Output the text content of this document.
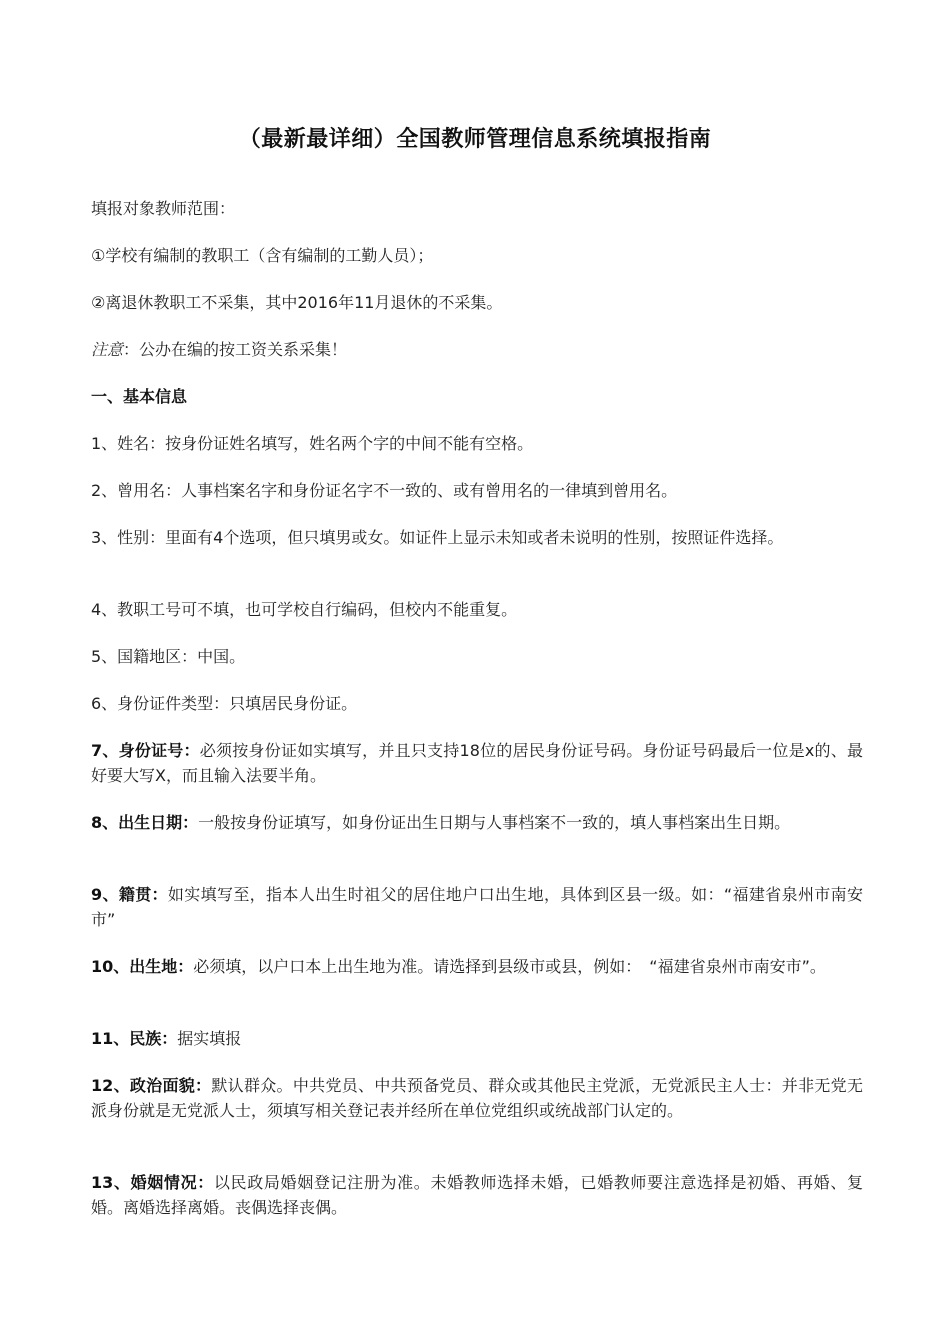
（最新最详细）全国教师管理信息系统填报指南

填报对象教师范围：

①学校有编制的教职工（含有编制的工勤人员）；

②离退休教职工不采集，其中2016年11月退休的不采集。

注意：公办在编的按工资关系采集！

一、基本信息

1、姓名：按身份证姓名填写，姓名两个字的中间不能有空格。

2、曾用名：人事档案名字和身份证名字不一致的、或有曾用名的一律填到曾用名。

3、性别：里面有4个选项，但只填男或女。如证件上显示未知或者未说明的性别，按照证件选择。

4、教职工号可不填，也可学校自行编码，但校内不能重复。

5、国籍地区：中国。

6、身份证件类型：只填居民身份证。

7、身份证号：必须按身份证如实填写，并且只支持18位的居民身份证号码。身份证号码最后一位是x的、最好要大写X，而且输入法要半角。

8、出生日期：一般按身份证填写，如身份证出生日期与人事档案不一致的，填人事档案出生日期。

9、籍贯：如实填写至，指本人出生时祖父的居住地户口出生地，具体到区县一级。如：“福建省泉州市南安市”

10、出生地：必须填，以户口本上出生地为准。请选择到县级市或县，例如：　“福建省泉州市南安市”。

11、民族：据实填报

12、政治面貌：默认群众。中共党员、中共预备党员、群众或其他民主党派，无党派民主人士：并非无党无派身份就是无党派人士，须填写相关登记表并经所在单位党组织或统战部门认定的。

13、婚姻情况：以民政局婚姻登记注册为准。未婚教师选择未婚，已婚教师要注意选择是初婚、再婚、复婚。离婚选择离婚。丧偶选择丧偶。
